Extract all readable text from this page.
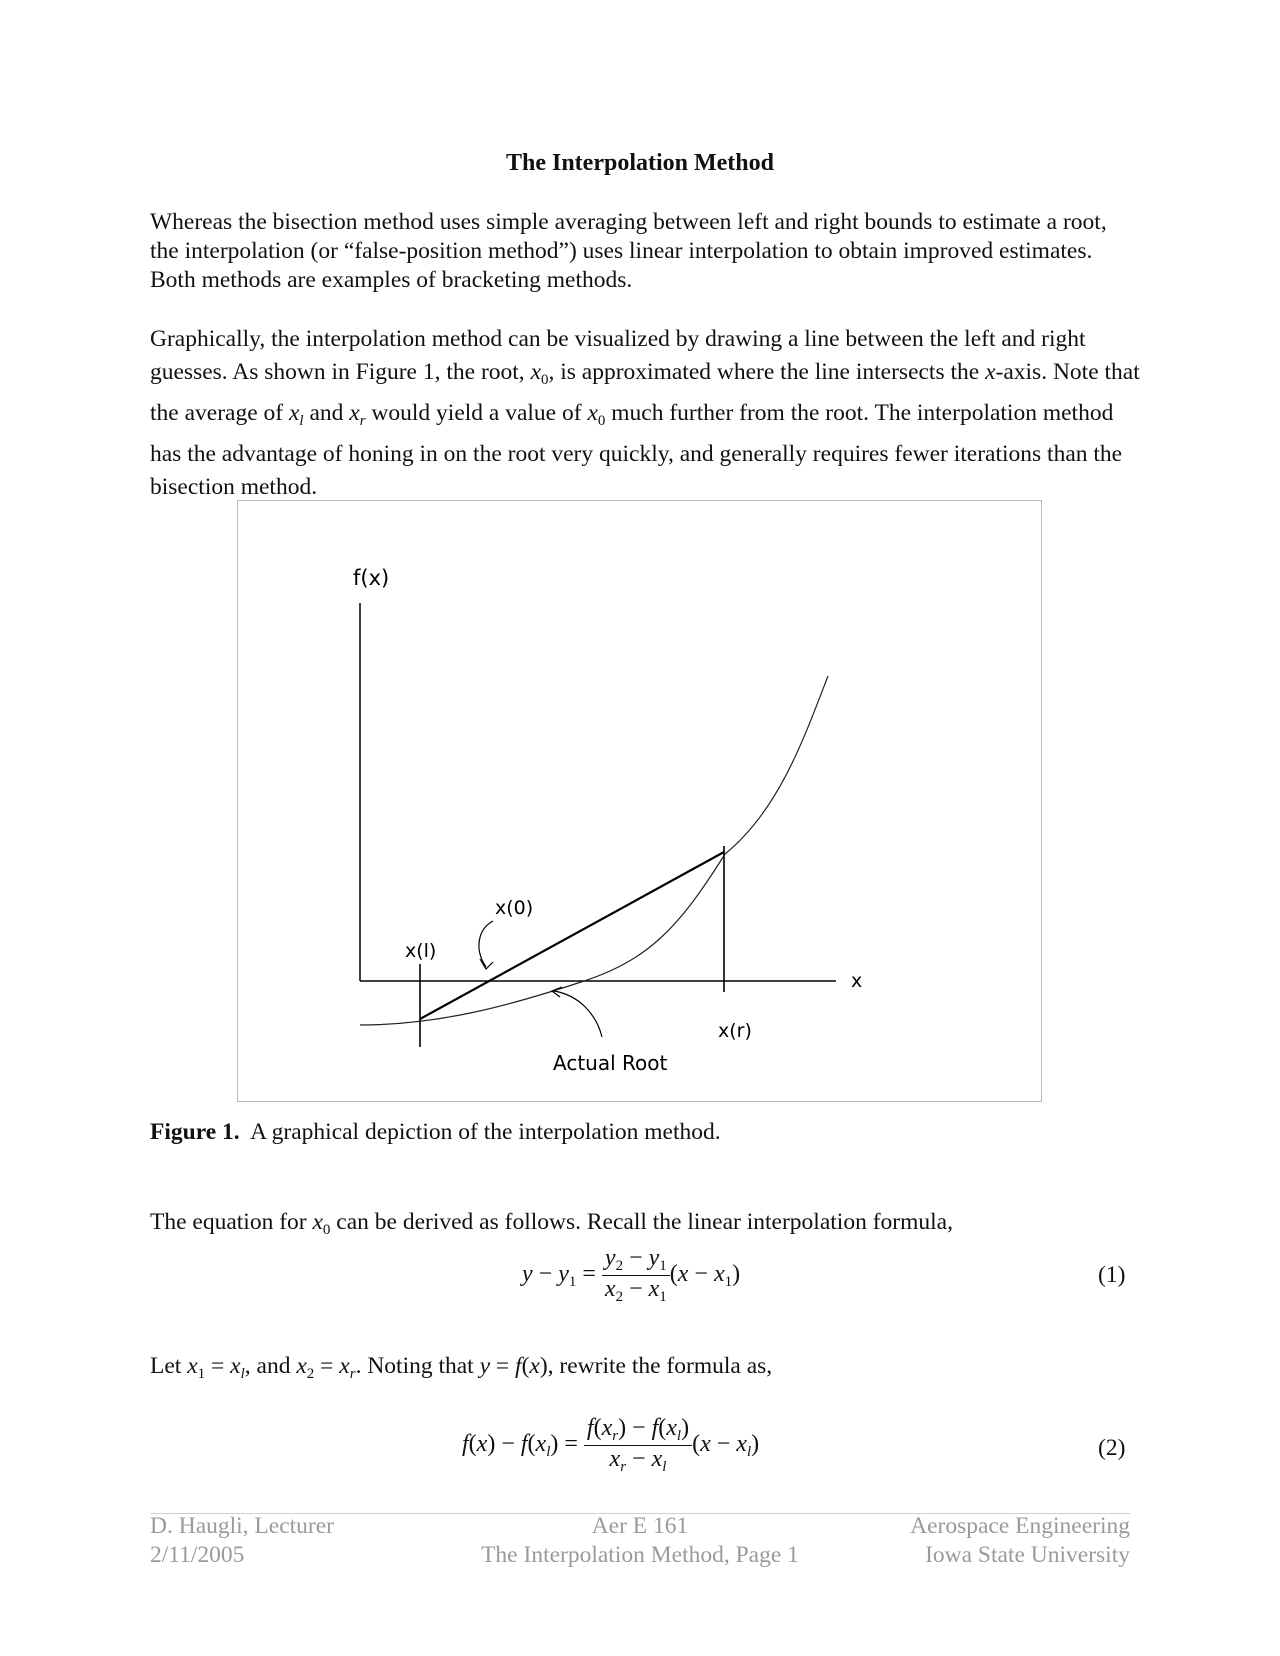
The Interpolation Method

Whereas the bisection method uses simple averaging between left and right bounds to estimate a root, the interpolation (or “false-position method”) uses linear interpolation to obtain improved estimates. Both methods are examples of bracketing methods.

Graphically, the interpolation method can be visualized by drawing a line between the left and right guesses. As shown in Figure 1, the root, $x_0$, is approximated where the line intersects the x-axis. Note that the average of $x_l$ and $x_r$ would yield a value of $x_0$ much further from the root. The interpolation method has the advantage of honing in on the root very quickly, and generally requires fewer iterations than the bisection method.

f(x)
x
x(l)
x(r)
x(0)
Actual Root
Figure 1. A graphical depiction of the interpolation method.

The equation for $x_0$ can be derived as follows. Recall the linear interpolation formula,

$y - y_1 = \frac{y_2 - y_1}{x_2 - x_1} (x - x_1)$	(1)

Let $x_1 = x_l$, and $x_2 = x_r$. Noting that y = f(x), rewrite the formula as,

$f(x) - f(x_l) = \frac{f(x_r) - f(x_l)}{x_r - x_l} (x - x_l)$	(2)
D. Haugli, Lecturer
2/11/2005
Aer E 161
The Interpolation Method, Page 1
Aerospace Engineering
Iowa State University
